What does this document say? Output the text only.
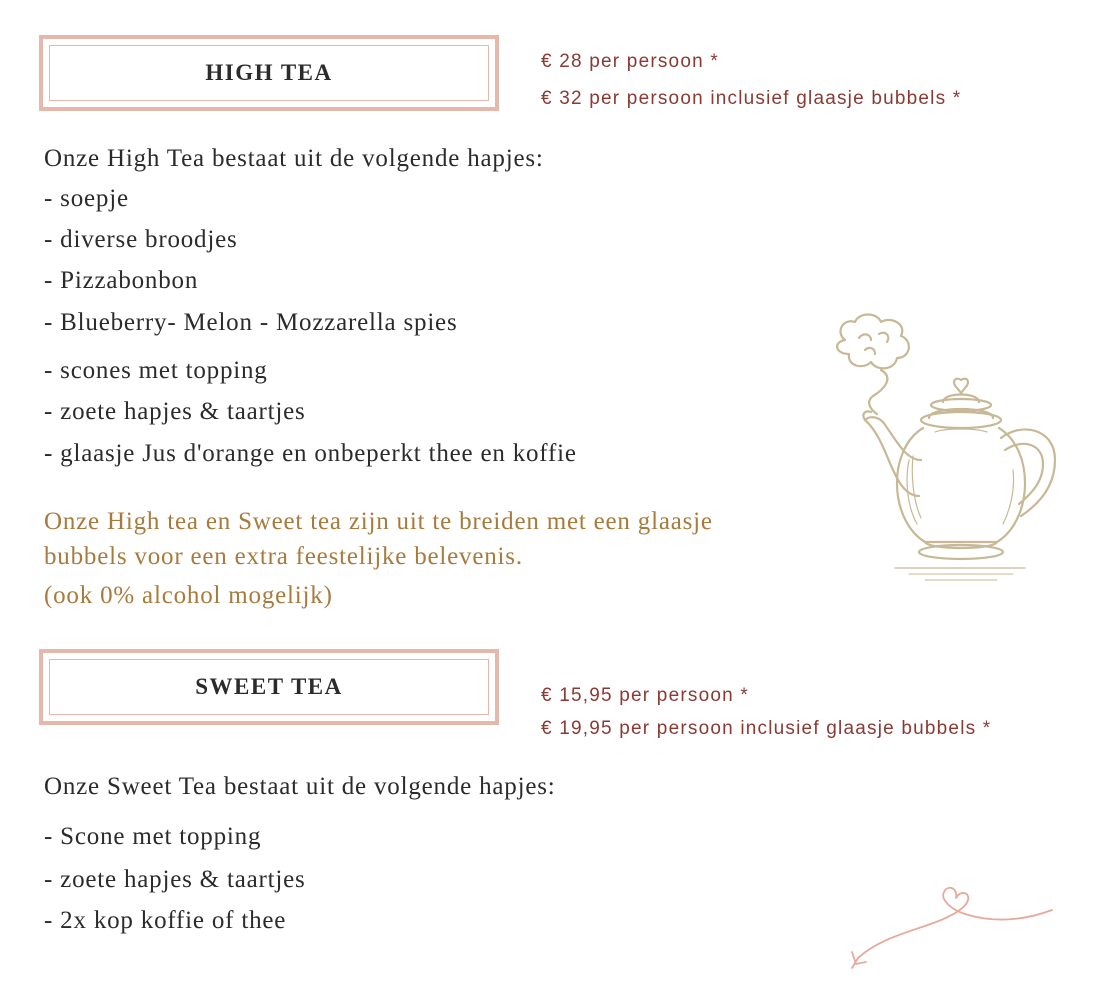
HIGH TEA	€ 28 per persoon *
€ 32 per persoon inclusief glaasje bubbels *
Onze High Tea bestaat uit de volgende hapjes:
- soepje
- diverse broodjes
- Pizzabonbon
- Blueberry- Melon - Mozzarella spies
- scones met topping
- zoete hapjes & taartjes
- glaasje Jus d'orange en onbeperkt thee en koffie
Onze High tea en Sweet tea zijn uit te breiden met een glaasje
bubbels voor een extra feestelijke belevenis.
(ook 0% alcohol mogelijk)
SWEET TEA	€ 15,95 per persoon *
€ 19,95 per persoon inclusief glaasje bubbels *
Onze Sweet Tea bestaat uit de volgende hapjes:
- Scone met topping
- zoete hapjes & taartjes
- 2x kop koffie of thee
